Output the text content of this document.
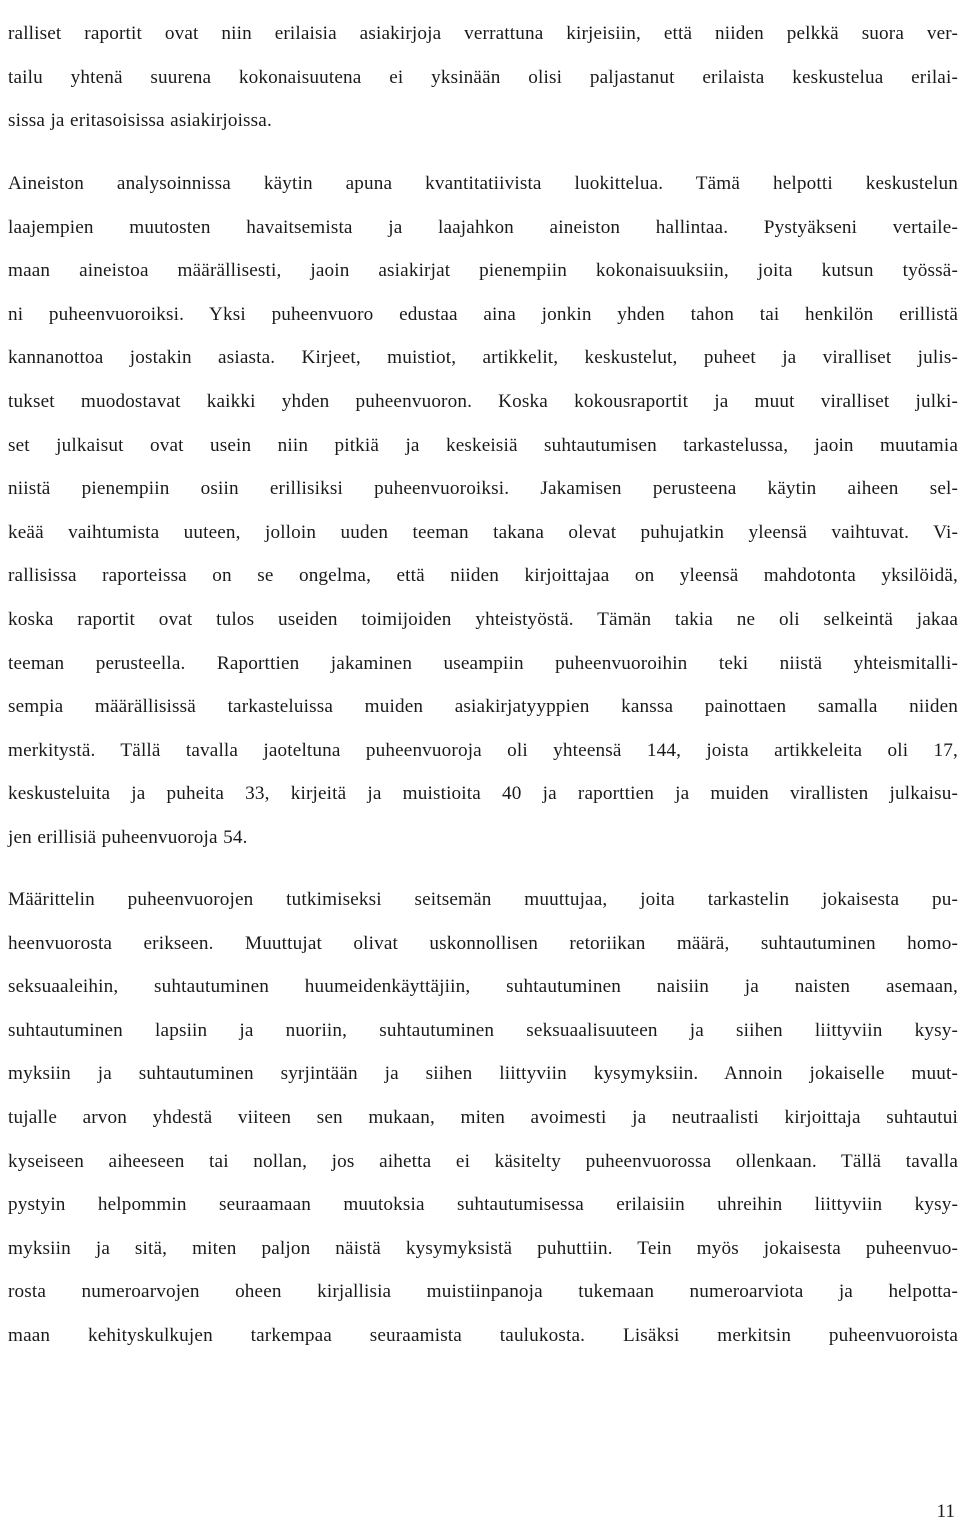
ralliset raportit ovat niin erilaisia asiakirjoja verrattuna kirjeisiin, että niiden pelkkä suora ver-
tailu yhtenä suurena kokonaisuutena ei yksinään olisi paljastanut erilaista keskustelua erilai-
sissa ja eritasoisissa asiakirjoissa.

Aineiston analysoinnissa käytin apuna kvantitatiivista luokittelua. Tämä helpotti keskustelun
laajempien muutosten havaitsemista ja laajahkon aineiston hallintaa. Pystyäkseni vertaile-
maan aineistoa määrällisesti, jaoin asiakirjat pienempiin kokonaisuuksiin, joita kutsun työssä-
ni puheenvuoroiksi. Yksi puheenvuoro edustaa aina jonkin yhden tahon tai henkilön erillistä
kannanottoa jostakin asiasta. Kirjeet, muistiot, artikkelit, keskustelut, puheet ja viralliset julis-
tukset muodostavat kaikki yhden puheenvuoron. Koska kokousraportit ja muut viralliset julki-
set julkaisut ovat usein niin pitkiä ja keskeisiä suhtautumisen tarkastelussa, jaoin muutamia
niistä pienempiin osiin erillisiksi puheenvuoroiksi. Jakamisen perusteena käytin aiheen sel-
keää vaihtumista uuteen, jolloin uuden teeman takana olevat puhujatkin yleensä vaihtuvat. Vi-
rallisissa raporteissa on se ongelma, että niiden kirjoittajaa on yleensä mahdotonta yksilöidä,
koska raportit ovat tulos useiden toimijoiden yhteistyöstä. Tämän takia ne oli selkeintä jakaa
teeman perusteella. Raporttien jakaminen useampiin puheenvuoroihin teki niistä yhteismitalli-
sempia määrällisissä tarkasteluissa muiden asiakirjatyyppien kanssa painottaen samalla niiden
merkitystä. Tällä tavalla jaoteltuna puheenvuoroja oli yhteensä 144, joista artikkeleita oli 17,
keskusteluita ja puheita 33, kirjeitä ja muistioita 40 ja raporttien ja muiden virallisten julkaisu-
jen erillisiä puheenvuoroja 54.

Määrittelin puheenvuorojen tutkimiseksi seitsemän muuttujaa, joita tarkastelin jokaisesta pu-
heenvuorosta erikseen. Muuttujat olivat uskonnollisen retoriikan määrä, suhtautuminen homo-
seksuaaleihin, suhtautuminen huumeidenkäyttäjiin, suhtautuminen naisiin ja naisten asemaan,
suhtautuminen lapsiin ja nuoriin, suhtautuminen seksuaalisuuteen ja siihen liittyviin kysy-
myksiin ja suhtautuminen syrjintään ja siihen liittyviin kysymyksiin. Annoin jokaiselle muut-
tujalle arvon yhdestä viiteen sen mukaan, miten avoimesti ja neutraalisti kirjoittaja suhtautui
kyseiseen aiheeseen tai nollan, jos aihetta ei käsitelty puheenvuorossa ollenkaan. Tällä tavalla
pystyin helpommin seuraamaan muutoksia suhtautumisessa erilaisiin uhreihin liittyviin kysy-
myksiin ja sitä, miten paljon näistä kysymyksistä puhuttiin. Tein myös jokaisesta puheenvuo-
rosta numeroarvojen oheen kirjallisia muistiinpanoja tukemaan numeroarviota ja helpotta-
maan kehityskulkujen tarkempaa seuraamista taulukosta. Lisäksi merkitsin puheenvuoroista

11
